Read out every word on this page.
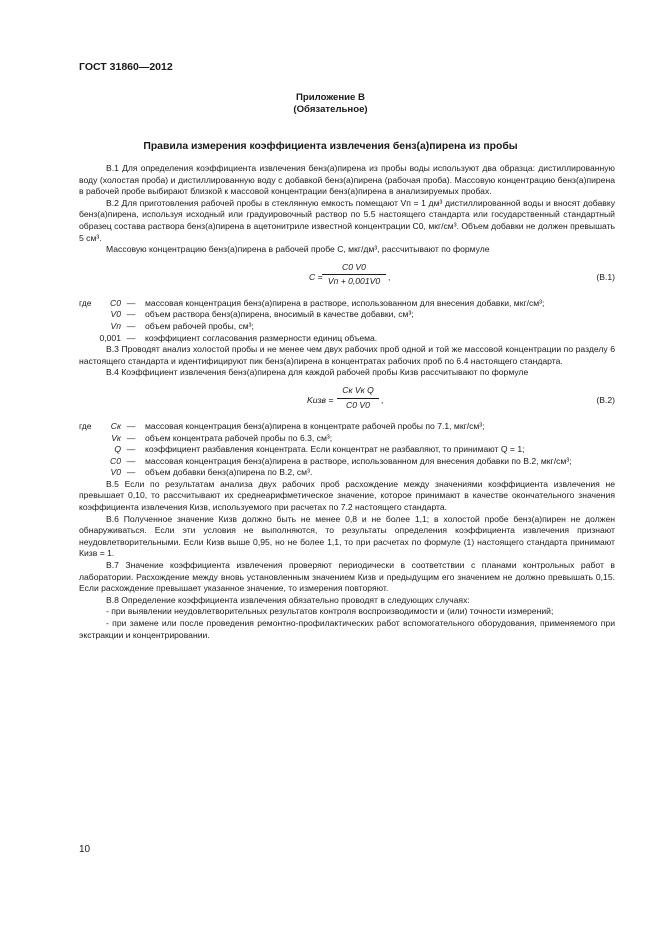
ГОСТ 31860—2012
Приложение В
(Обязательное)
Правила измерения коэффициента извлечения бенз(а)пирена из пробы

В.1 Для определения коэффициента извлечения бенз(а)пирена из пробы воды используют два образца: дистиллированную воду (холостая проба) и дистиллированную воду с добавкой бенз(а)пирена (рабочая проба). Массовую концентрацию бенз(а)пирена в рабочей пробе выбирают близкой к массовой концентрации бенз(а)пирена в анализируемых пробах.

В.2 Для приготовления рабочей пробы в стеклянную емкость помещают Vп = 1 дм³ дистиллированной воды и вносят добавку бенз(а)пирена, используя исходный или градуировочный раствор по 5.5 настоящего стандарта или государственный стандартный образец состава раствора бенз(а)пирена в ацетонитриле известной концентрации C0, мкг/см³. Объем добавки не должен превышать 5 см³.

Массовую концентрацию бенз(а)пирена в рабочей пробе C, мкг/дм³, рассчитывают по формуле

C =
C0 V0
Vп + 0,001V0 ,	(В.1)
где C0 —	массовая концентрация бенз(а)пирена в растворе, использованном для внесения добавки, мкг/см³;
V0 —	объем раствора бенз(а)пирена, вносимый в качестве добавки, см³;
Vп —	объем рабочей пробы, см³;
0,001 —	коэффициент согласования размерности единиц объема.

В.3 Проводят анализ холостой пробы и не менее чем двух рабочих проб одной и той же массовой концентрации по разделу 6 настоящего стандарта и идентифицируют пик бенз(а)пирена в концентратах рабочих проб по 6.4 настоящего стандарта.

В.4 Коэффициент извлечения бенз(а)пирена для каждой рабочей пробы Кизв рассчитывают по формуле

Kизв =
Cк Vк Q
C0 V0	,	(В.2)
где Cк —	массовая концентрация бенз(а)пирена в концентрате рабочей пробы по 7.1, мкг/см³;
Vк —	объем концентрата рабочей пробы по 6.3, см³;
Q —	коэффициент разбавления концентрата. Если концентрат не разбавляют, то принимают Q = 1;
C0 —	массовая концентрация бенз(а)пирена в растворе, использованном для внесения добавки по В.2, мкг/см³;
V0 —	объем добавки бенз(а)пирена по В.2, см³.

В.5 Если по результатам анализа двух рабочих проб расхождение между значениями коэффициента извлечения не превышает 0,10, то рассчитывают их среднеарифметическое значение, которое принимают в качестве окончательного значения коэффициента извлечения Кизв, используемого при расчетах по 7.2 настоящего стандарта.

В.6 Полученное значение Кизв должно быть не менее 0,8 и не более 1,1; в холостой пробе бенз(а)пирен не должен обнаруживаться. Если эти условия не выполняются, то результаты определения коэффициента извлечения признают неудовлетворительными. Если Кизв выше 0,95, но не более 1,1, то при расчетах по формуле (1) настоящего стандарта принимают Кизв = 1.

В.7 Значение коэффициента извлечения проверяют периодически в соответствии с планами контрольных работ в лаборатории. Расхождение между вновь установленным значением Кизв и предыдущим его значением не должно превышать 0,15. Если расхождение превышает указанное значение, то измерения повторяют.

В.8 Определение коэффициента извлечения обязательно проводят в следующих случаях:

- при выявлении неудовлетворительных результатов контроля воспроизводимости и (или) точности измерений;

- при замене или после проведения ремонтно-профилактических работ вспомогательного оборудования, применяемого при экстракции и концентрировании.

10
